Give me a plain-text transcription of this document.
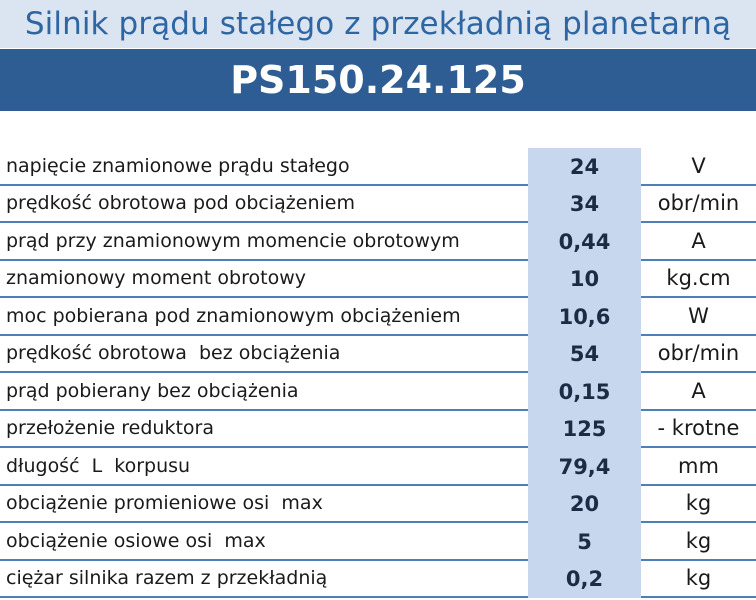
Silnik prądu stałego z przekładnią planetarną
PS150.24.125
napięcie znamionowe prądu stałego	24	V
prędkość obrotowa pod obciążeniem	34	obr/min
prąd przy znamionowym momencie obrotowym	0,44	A
znamionowy moment obrotowy	10	kg.cm
moc pobierana pod znamionowym obciążeniem	10,6	W
prędkość obrotowa  bez obciążenia	54	obr/min
prąd pobierany bez obciążenia	0,15	A
przełożenie reduktora	125	- krotne
długość  L  korpusu	79,4	mm
obciążenie promieniowe osi  max	20	kg
obciążenie osiowe osi  max	5	kg
ciężar silnika razem z przekładnią	0,2	kg
